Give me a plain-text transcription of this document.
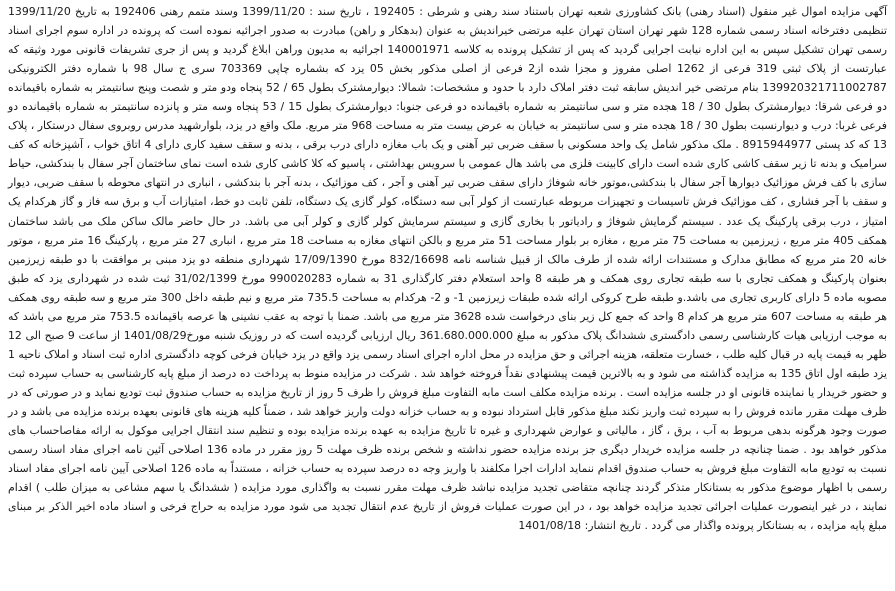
آگهی مزایده اموال غیر منقول (اسناد رهنی) بانک کشاورزی شعبه تهران باستناد سند رهنی و شرطی : 192405 ، تاریخ سند : 1399/11/20 وسند متمم رهنی 192406 به تاریخ 1399/11/20 تنظیمی دفترخانه اسناد رسمی شماره 128 شهر تهران استان تهران علیه مرتضی خیراندیش به عنوان (بدهکار و راهن) مبادرت به صدور اجرائیه نموده است که پرونده در اداره سوم اجرای اسناد رسمی تهران تشکیل سپس به این اداره نیابت اجرایی گردید که پس از تشکیل پرونده به کلاسه 140001971 اجرائیه به مدیون وراهن ابلاغ گردید و پس از جری تشریفات قانونی مورد وثیقه که عبارتست از پلاک ثبتی 319 فرعی از 1262 اصلی مفروز و مجزا شده از2 فرعی از اصلی مذکور بخش 05 یزد که بشماره چاپی 703369 سری ج سال 98 با شماره دفتر الکترونیکی 139920321711002787 بنام مرتضی خیر اندیش سابقه ثبت دفتر املاک دارد با حدود و مشخصات: شمالا: دیوارمشترک بطول 65 / 52 پنجاه ودو متر و شصت وپنج سانتیمتر به شماره باقیمانده دو فرعی شرقا: دیوارمشترک بطول 30 / 18 هجده متر و سی سانتیمتر به شماره باقیمانده دو فرعی جنوبا: دیوارمشترک بطول 15 / 53 پنجاه وسه متر و پانزده سانتیمتر به شماره باقیمانده دو فرعی غربا: درب و دیوارنسبت بطول 30 / 18 هجده متر و سی سانتیمتر به خیابان به عرض بیست متر به مساحت 968 متر مربع. ملک واقع در یزد، بلوارشهید مدرس روبروی سفال درستکار ، پلاک 13 که کد پستی 8915944977 . ملک مذکور شامل یک واحد مسکونی با سقف ضربی تیر آهنی و یک باب مغازه دارای درب برقی ، بدنه و سقف سفید کاری دارای 4 اتاق خواب ، آشپزخانه که کف سرامیک و بدنه تا زیر سقف کاشی کاری شده است دارای کابینت فلزی می باشد هال عمومی با سرویس بهداشتی ، پاسیو که کلا کاشی کاری شده است نمای ساختمان آجر سفال با بندکشی، حیاط سازی با کف فرش موزائیک دیوارها آجر سفال با بندکشی،موتور خانه شوفاژ دارای سقف ضربی تیر آهنی و آجر ، کف موزائیک ، بدنه آجر با بندکشی ، انباری در انتهای محوطه با سقف ضربی، دیوار و سقف با آجر فشاری ، کف موزائیک فرش تاسیسات و تجهیزات مربوطه عبارتست از کولر آبی سه دستگاه، کولر گازی یک دستگاه، تلفن ثابت دو خط، امتیازات آب و برق سه فاز و گاز هرکدام یک امتیاز ، درب برقی پارکینگ یک عدد . سیستم گرمایش شوفاژ و رادیاتور با بخاری گازی و سیستم سرمایش کولر گازی و کولر آبی می باشد. در حال حاضر مالک ساکن ملک می باشد ساختمان همکف 405 متر مربع ، زیرزمین به مساحت 75 متر مربع ، مغازه بر بلوار مساحت 51 متر مربع و بالکن انتهای مغازه به مساحت 18 متر مربع ، انباری 27 متر مربع ، پارکینگ 16 متر مربع ، موتور خانه 20 متر مربع که مطابق مدارک و مستندات ارائه شده از طرف مالک از قبیل شناسه نامه 832/16698 مورخ 17/09/1390 شهرداری منطقه دو یزد مبنی بر موافقت با دو طبقه زیرزمین بعنوان پارکینگ و همکف تجاری با سه طبقه تجاری روی همکف و هر طبقه 8 واحد استعلام دفتر کارگذاری 31 به شماره 990020283 مورخ 31/02/1399 ثبت شده در شهرداری یزد که طبق مصوبه ماده 5 دارای کاربری تجاری می باشد.و طبقه طرح کروکی ارائه شده طبقات زیرزمین 1- و 2- هرکدام به مساحت 735.5 متر مربع و نیم طبقه داخل 300 متر مربع و سه طبقه روی همکف هر طبقه به مساحت 607 متر مربع هر کدام 8 واحد که جمع کل زیر بنای درخواست شده 3628 متر مربع می باشد. ضمنا با توجه به عقب نشینی ها عرصه باقیمانده 753.5 متر مربع می باشد که به موجب ارزیابی هیات کارشناسی رسمی دادگستری ششدانگ پلاک مذکور به مبلغ 361.680.000.000 ریال ارزیابی گردیده است که در روزیک شنبه مورخ1401/08/29 از ساعت 9 صبح الی 12 ظهر به قیمت پایه در قبال کلیه طلب ، خسارت متعلقه، هزینه اجرائی و حق مزایده در محل اداره اجرای اسناد رسمی یزد واقع در یزد خیابان فرخی کوچه دادگستری اداره ثبت اسناد و املاک ناحیه 1 یزد طبقه اول اتاق 135 به مزایده گذاشته می شود و به بالاترین قیمت پیشنهادی نقداً فروخته خواهد شد . شرکت در مزایده منوط به پرداخت ده درصد از مبلغ پایه کارشناسی به حساب سپرده ثبت و حضور خریدار یا نماینده قانونی او در جلسه مزایده است . برنده مزایده مکلف است مابه التفاوت مبلغ فروش را ظرف 5 روز از تاریخ مزایده به حساب صندوق ثبت تودیع نماید و در صورتی که در ظرف مهلت مقرر مانده فروش را به سپرده ثبت واریز نکند مبلغ مذکور قابل استرداد نبوده و به حساب خزانه دولت واریز خواهد شد ، ضمناً کلیه هزینه های قانونی بعهده برنده مزایده می باشد و در صورت وجود هرگونه بدهی مربوط به آب ، برق ، گاز ، مالیاتی و عوارض شهرداری و غیره تا تاریخ مزایده به عهده برنده مزایده بوده و تنظیم سند انتقال اجرایی موکول به ارائه مفاصاحساب های مذکور خواهد بود . ضمنا چنانچه در جلسه مزایده خریدار دیگری جز برنده مزایده حضور نداشته و شخص برنده ظرف مهلت 5 روز مقرر در ماده 136 اصلاحی آئین نامه اجرای مفاد اسناد رسمی نسبت به تودیع مابه التفاوت مبلغ فروش به حساب صندوق اقدام ننماید ادارات اجرا مکلفند با واریز وجه ده درصد سپرده به حساب خزانه ، مستنداً به ماده 126 اصلاحی آیین نامه اجرای مفاد اسناد رسمی با اظهار موضوع مذکور به بستانکار متذکر گردند چنانچه متقاضی تجدید مزایده نباشد ظرف مهلت مقرر نسبت به واگذاری مورد مزایده ( ششدانگ یا سهم مشاعی به میزان طلب ) اقدام نمایند ، در غیر اینصورت عملیات اجرائی تجدید مزایده خواهد بود ، در این صورت عملیات فروش از تاریخ عدم انتقال تجدید می شود مورد مزایده به حراج فرخی و اسناد ماده اخیر الذکر بر مبنای مبلغ پایه مزایده ، به بستانکار پرونده واگذار می گردد . تاریخ انتشار: 1401/08/18
